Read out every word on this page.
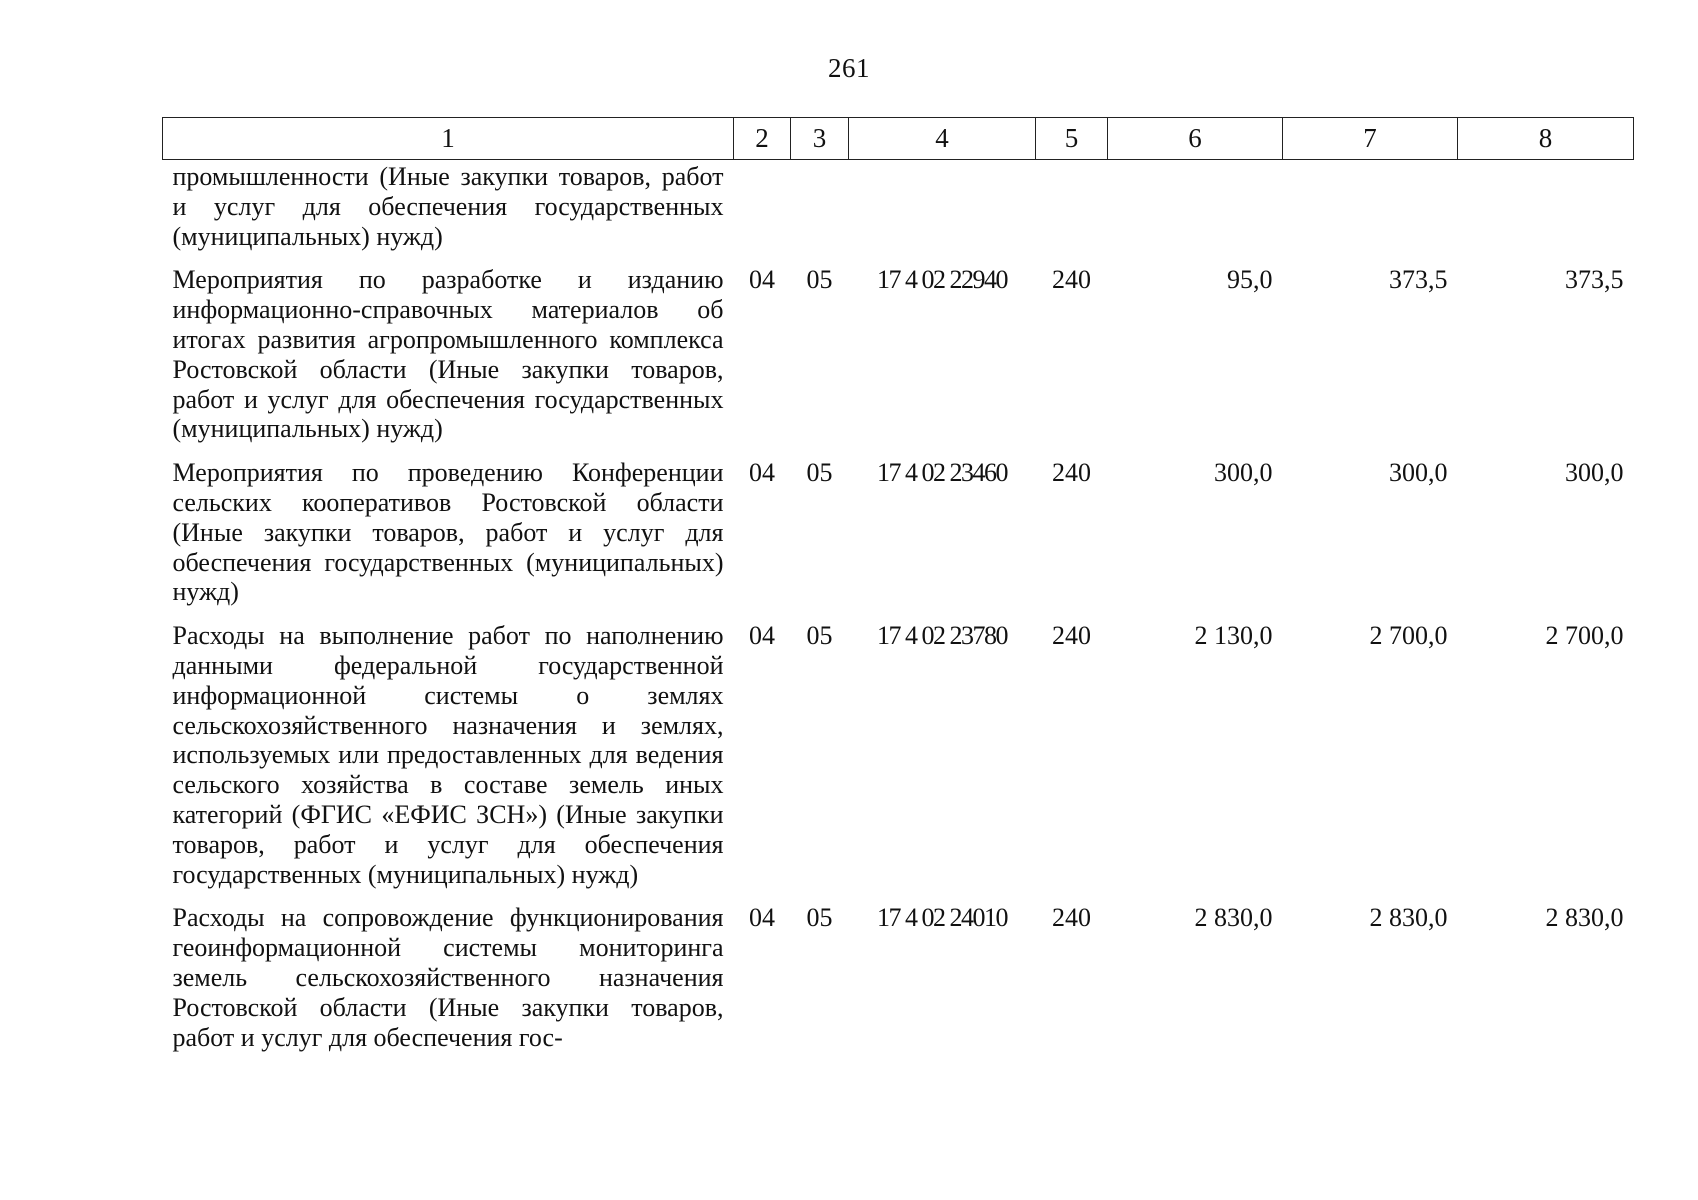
261
1	2	3	4	5	6	7	8
промышленности (Иные закупки товаров, работ и услуг для обеспечения государственных (муниципальных) нужд)							
Мероприятия по разработке и изданию информационно-справочных материалов об итогах развития агропромышленного комплекса Ростовской области (Иные закупки товаров, работ и услуг для обеспечения государственных (муниципальных) нужд)	04	05	17 4 02 22940	240	95,0	373,5	373,5
Мероприятия по проведению Конференции сельских кооперативов Ростовской области (Иные закупки товаров, работ и услуг для обеспечения государственных (муниципальных) нужд)	04	05	17 4 02 23460	240	300,0	300,0	300,0
Расходы на выполнение работ по наполнению данными федеральной государственной информационной системы о землях сельскохозяйственного назначения и землях, используемых или предоставленных для ведения сельского хозяйства в составе земель иных категорий (ФГИС «ЕФИС ЗСН») (Иные закупки товаров, работ и услуг для обеспечения государственных (муниципальных) нужд)	04	05	17 4 02 23780	240	2 130,0	2 700,0	2 700,0
Расходы на сопровождение функционирования геоинформационной системы мониторинга земель сельскохозяйственного назначения Ростовской области (Иные закупки товаров, работ и услуг для обеспечения гос-	04	05	17 4 02 24010	240	2 830,0	2 830,0	2 830,0
